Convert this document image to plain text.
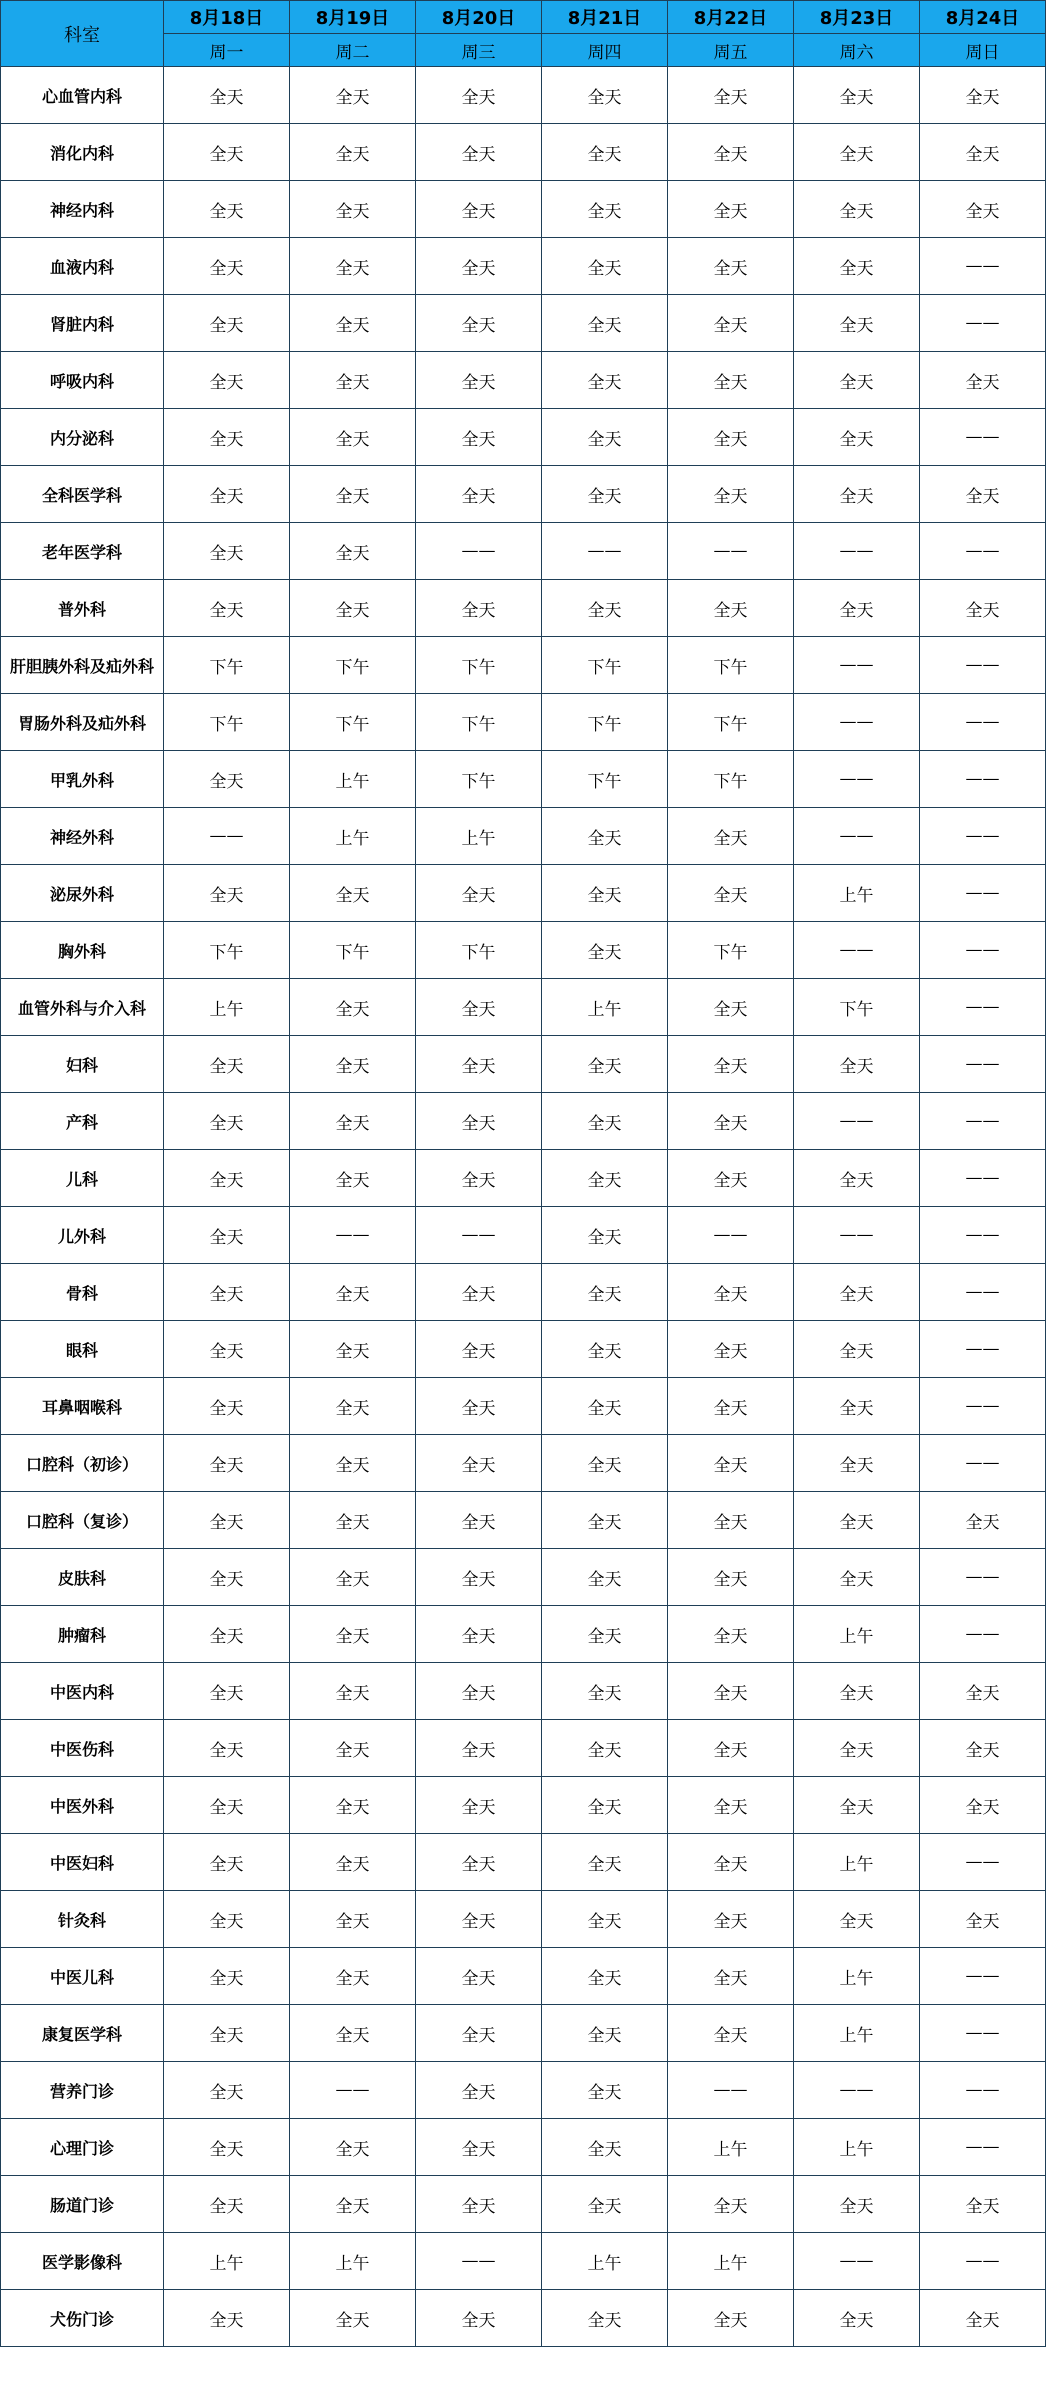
科室	8月18日	8月19日	8月20日	8月21日	8月22日	8月23日	8月24日
	周一	周二	周三	周四	周五	周六	周日
心血管内科	全天	全天	全天	全天	全天	全天	全天
消化内科	全天	全天	全天	全天	全天	全天	全天
神经内科	全天	全天	全天	全天	全天	全天	全天
血液内科	全天	全天	全天	全天	全天	全天	——
肾脏内科	全天	全天	全天	全天	全天	全天	——
呼吸内科	全天	全天	全天	全天	全天	全天	全天
内分泌科	全天	全天	全天	全天	全天	全天	——
全科医学科	全天	全天	全天	全天	全天	全天	全天
老年医学科	全天	全天	——	——	——	——	——
普外科	全天	全天	全天	全天	全天	全天	全天
肝胆胰外科及疝外科	下午	下午	下午	下午	下午	——	——
胃肠外科及疝外科	下午	下午	下午	下午	下午	——	——
甲乳外科	全天	上午	下午	下午	下午	——	——
神经外科	——	上午	上午	全天	全天	——	——
泌尿外科	全天	全天	全天	全天	全天	上午	——
胸外科	下午	下午	下午	全天	下午	——	——
血管外科与介入科	上午	全天	全天	上午	全天	下午	——
妇科	全天	全天	全天	全天	全天	全天	——
产科	全天	全天	全天	全天	全天	——	——
儿科	全天	全天	全天	全天	全天	全天	——
儿外科	全天	——	——	全天	——	——	——
骨科	全天	全天	全天	全天	全天	全天	——
眼科	全天	全天	全天	全天	全天	全天	——
耳鼻咽喉科	全天	全天	全天	全天	全天	全天	——
口腔科（初诊）	全天	全天	全天	全天	全天	全天	——
口腔科（复诊）	全天	全天	全天	全天	全天	全天	全天
皮肤科	全天	全天	全天	全天	全天	全天	——
肿瘤科	全天	全天	全天	全天	全天	上午	——
中医内科	全天	全天	全天	全天	全天	全天	全天
中医伤科	全天	全天	全天	全天	全天	全天	全天
中医外科	全天	全天	全天	全天	全天	全天	全天
中医妇科	全天	全天	全天	全天	全天	上午	——
针灸科	全天	全天	全天	全天	全天	全天	全天
中医儿科	全天	全天	全天	全天	全天	上午	——
康复医学科	全天	全天	全天	全天	全天	上午	——
营养门诊	全天	——	全天	全天	——	——	——
心理门诊	全天	全天	全天	全天	上午	上午	——
肠道门诊	全天	全天	全天	全天	全天	全天	全天
医学影像科	上午	上午	——	上午	上午	——	——
犬伤门诊	全天	全天	全天	全天	全天	全天	全天
